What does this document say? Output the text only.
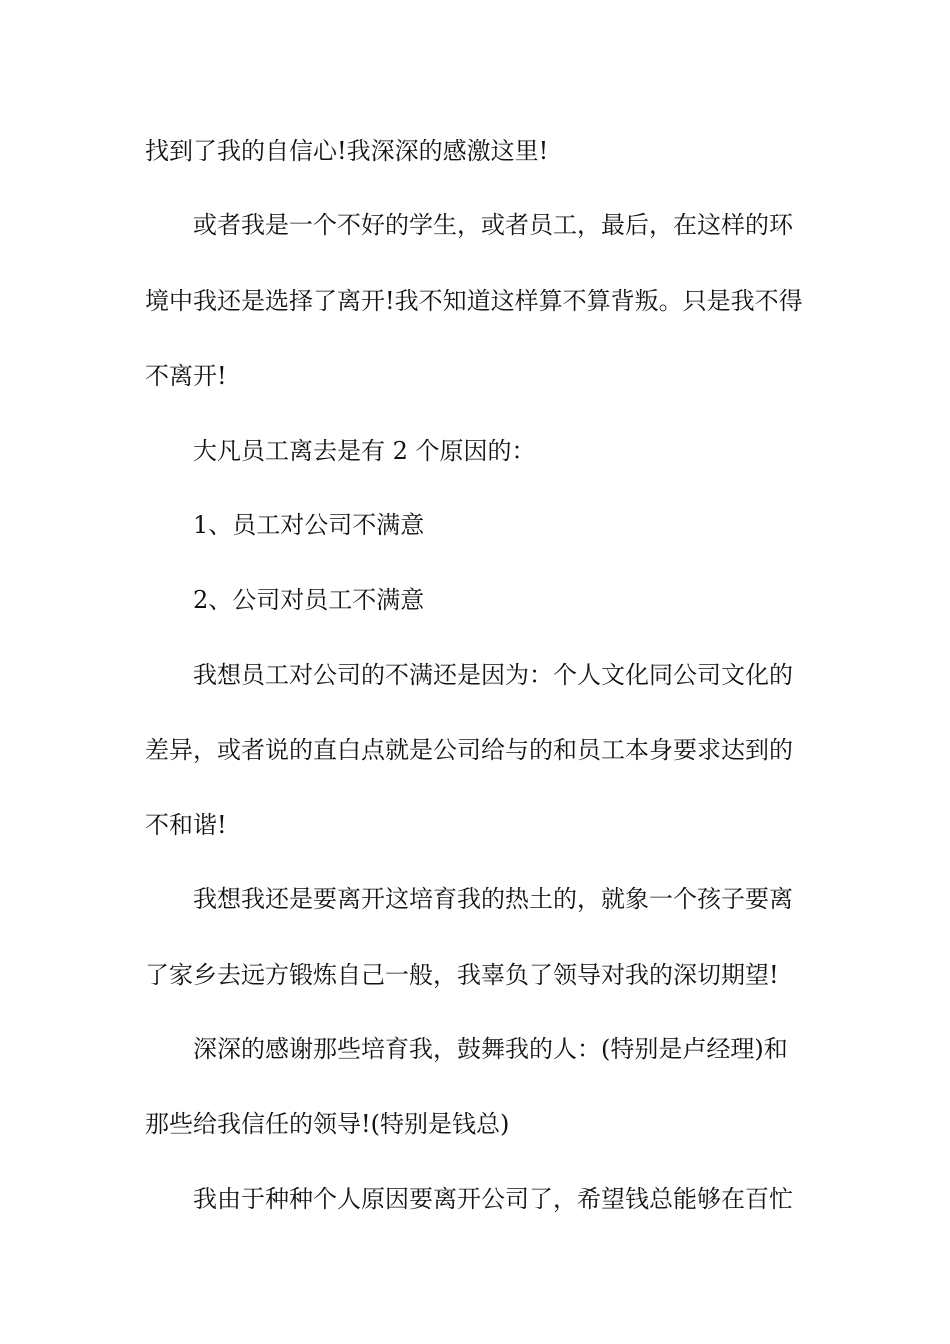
找到了我的自信心!我深深的感激这里!
或者我是一个不好的学生，或者员工，最后，在这样的环
境中我还是选择了离开!我不知道这样算不算背叛。只是我不得
不离开!
大凡员工离去是有 2 个原因的：
1、员工对公司不满意
2、公司对员工不满意
我想员工对公司的不满还是因为：个人文化同公司文化的
差异，或者说的直白点就是公司给与的和员工本身要求达到的
不和谐!
我想我还是要离开这培育我的热土的，就象一个孩子要离
了家乡去远方锻炼自己一般，我辜负了领导对我的深切期望!
深深的感谢那些培育我，鼓舞我的人：(特别是卢经理)和
那些给我信任的领导!(特别是钱总)
我由于种种个人原因要离开公司了，希望钱总能够在百忙
